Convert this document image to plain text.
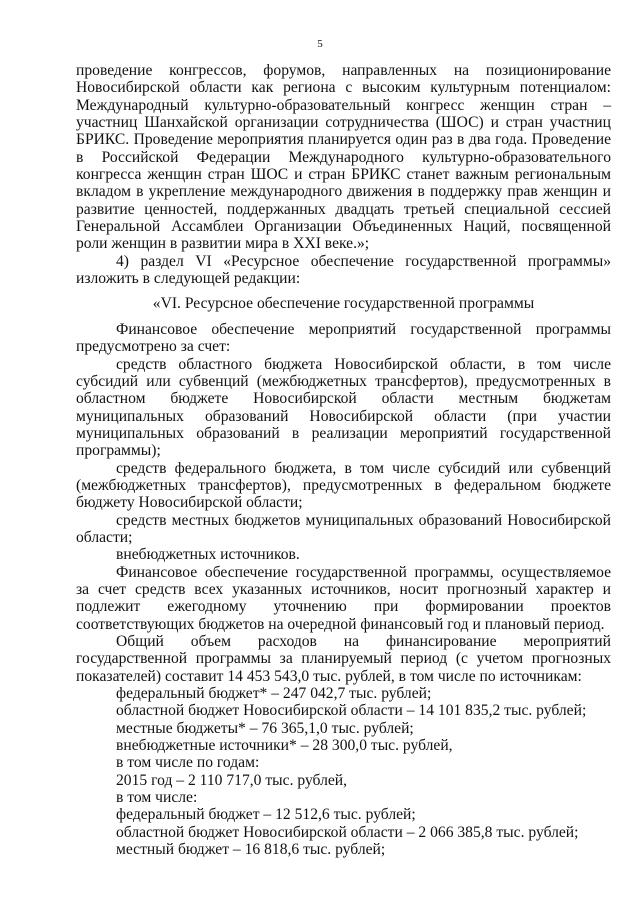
5

проведение конгрессов, форумов, направленных на позиционирование Новосибирской области как региона с высоким культурным потенциалом: Международный культурно-образовательный конгресс женщин стран – участниц Шанхайской организации сотрудничества (ШОС) и стран участниц БРИКС. Проведение мероприятия планируется один раз в два года. Проведение в Российской Федерации Международного культурно-образовательного конгресса женщин стран ШОС и стран БРИКС станет важным региональным вкладом в укрепление международного движения в поддержку прав женщин и развитие ценностей, поддержанных двадцать третьей специальной сессией Генеральной Ассамблеи Организации Объединенных Наций, посвященной роли женщин в развитии мира в XXI веке.»;

4) раздел VI «Ресурсное обеспечение государственной программы» изложить в следующей редакции:

«VI. Ресурсное обеспечение государственной программы

Финансовое обеспечение мероприятий государственной программы предусмотрено за счет:

средств областного бюджета Новосибирской области, в том числе субсидий или субвенций (межбюджетных трансфертов), предусмотренных в областном бюджете Новосибирской области местным бюджетам муниципальных образований Новосибирской области (при участии муниципальных образований в реализации мероприятий государственной программы);

средств федерального бюджета, в том числе субсидий или субвенций (межбюджетных трансфертов), предусмотренных в федеральном бюджете бюджету Новосибирской области;

средств местных бюджетов муниципальных образований Новосибирской области;

внебюджетных источников.

Финансовое обеспечение государственной программы, осуществляемое за счет средств всех указанных источников, носит прогнозный характер и подлежит ежегодному уточнению при формировании проектов соответствующих бюджетов на очередной финансовый год и плановый период.

Общий объем расходов на финансирование мероприятий государственной программы за планируемый период (с учетом прогнозных показателей) составит 14 453 543,0 тыс. рублей, в том числе по источникам:

федеральный бюджет* – 247 042,7 тыс. рублей;

областной бюджет Новосибирской области – 14 101 835,2 тыс. рублей;

местные бюджеты* – 76 365,1,0 тыс. рублей;

внебюджетные источники* – 28 300,0 тыс. рублей,

в том числе по годам:

2015 год – 2 110 717,0 тыс. рублей,

в том числе:

федеральный бюджет – 12 512,6 тыс. рублей;

областной бюджет Новосибирской области – 2 066 385,8 тыс. рублей;

местный бюджет – 16 818,6 тыс. рублей;
